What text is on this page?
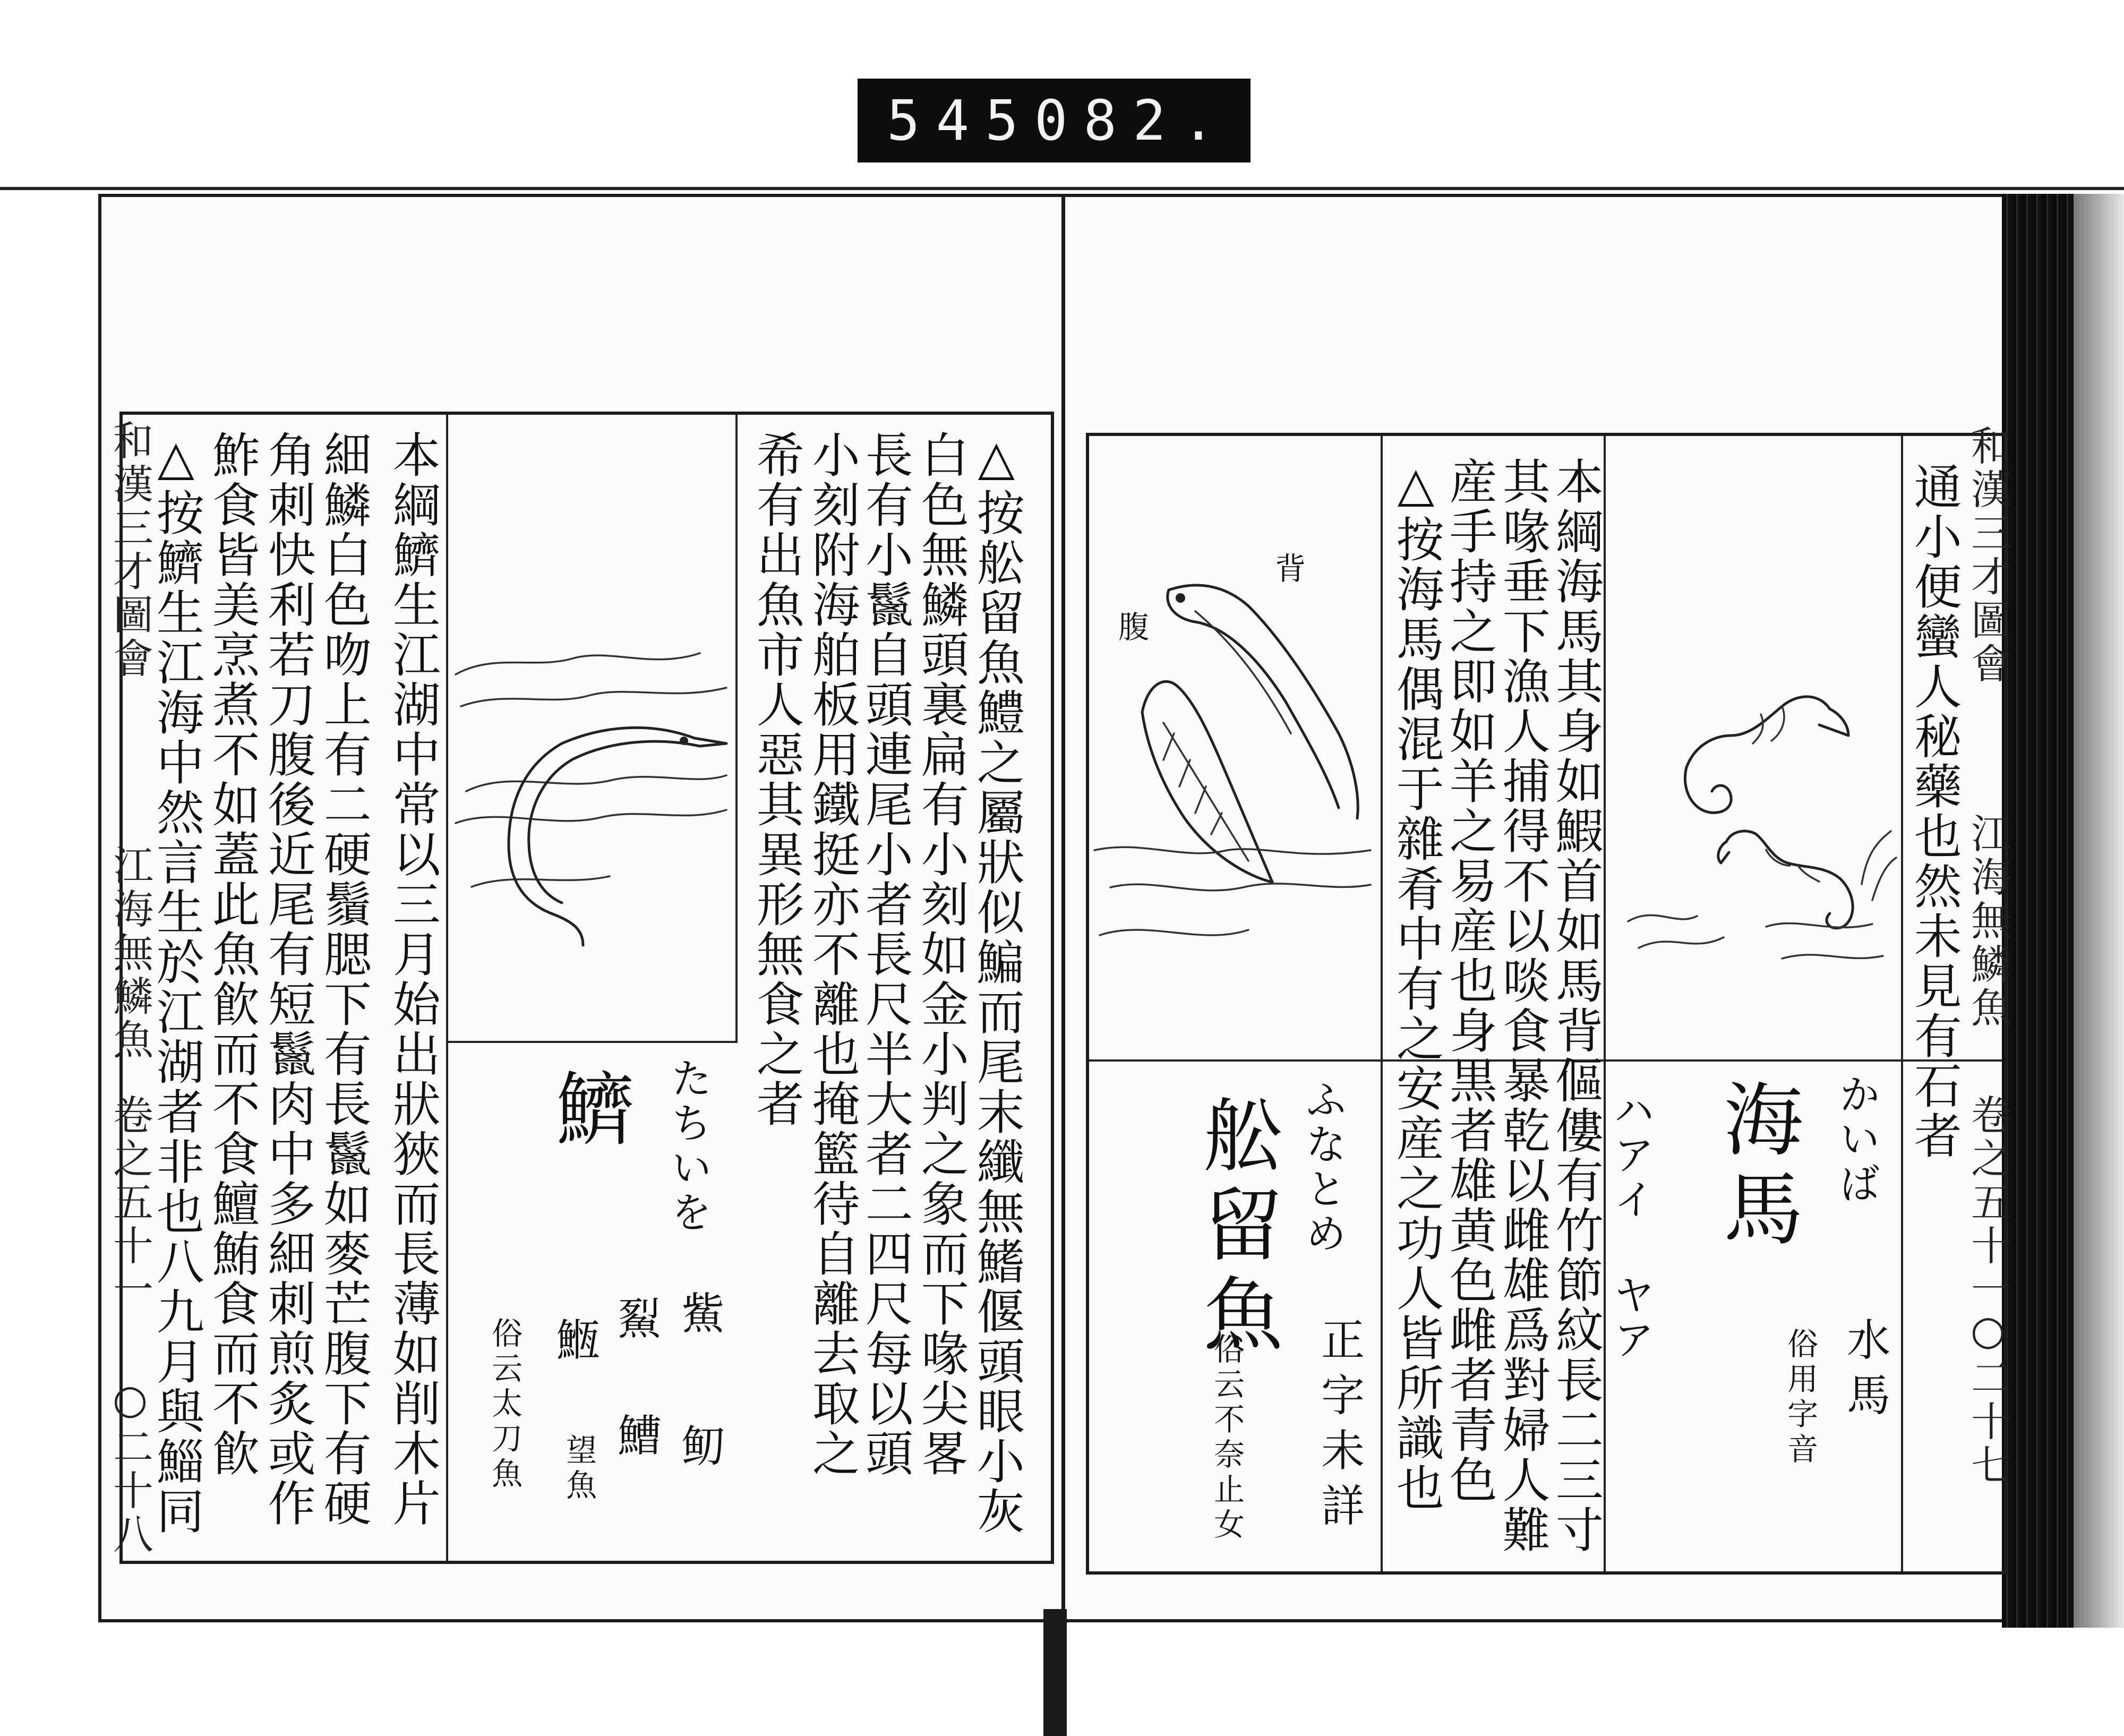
545 082.
和漢三才圖會
江海無鱗魚
卷之五十一
○二十八	本綱鱭生江湖中常以三月始出狀狹而長薄如削木片
細鱗白色吻上有二硬鬚腮下有長鬣如麥芒腹下有硬
角刺快利若刀腹後近尾有短鬣肉中多細刺煎炙或作
鮓食皆美烹煮不如蓋此魚飮而不食鱣鮪食而不飮
△按鱭生江海中然言生於江湖者非也八九月與鯔同	△按舩留魚鱧之屬狀似鯿而尾末纖無鰭偃頭眼小灰
白色無鱗頭裏扁有小刻如金小判之象而下喙尖畧
長有小鬣自頭連尾小者長尺半大者二四尺每以頭
小刻附海舶板用鐵挺亦不離也掩籃待自離去取之
希有出魚市人惡其異形無食之者
鱭 たちいを
鮆
鱽
鮤
鰽
䱭
望魚
俗云太刀魚
和漢三才圖會
江海無鱗魚
卷之五十一
○二十七
通小便蠻人秘藥也然未見有石者
本綱海馬其身如鰕首如馬背傴僂有竹節紋長二三寸
其喙垂下漁人捕得不以啖食暴乾以雌雄爲對婦人難
産手持之即如羊之易産也身黒者雄黄色雌者青色
△按海馬偶混于雜肴中有之安産之功人皆所識也	海馬 かいば
ハアイ ヤア
水馬
俗用字音
背
腹
舩留魚 ふなとめ
俗云不奈止女 正字未詳
